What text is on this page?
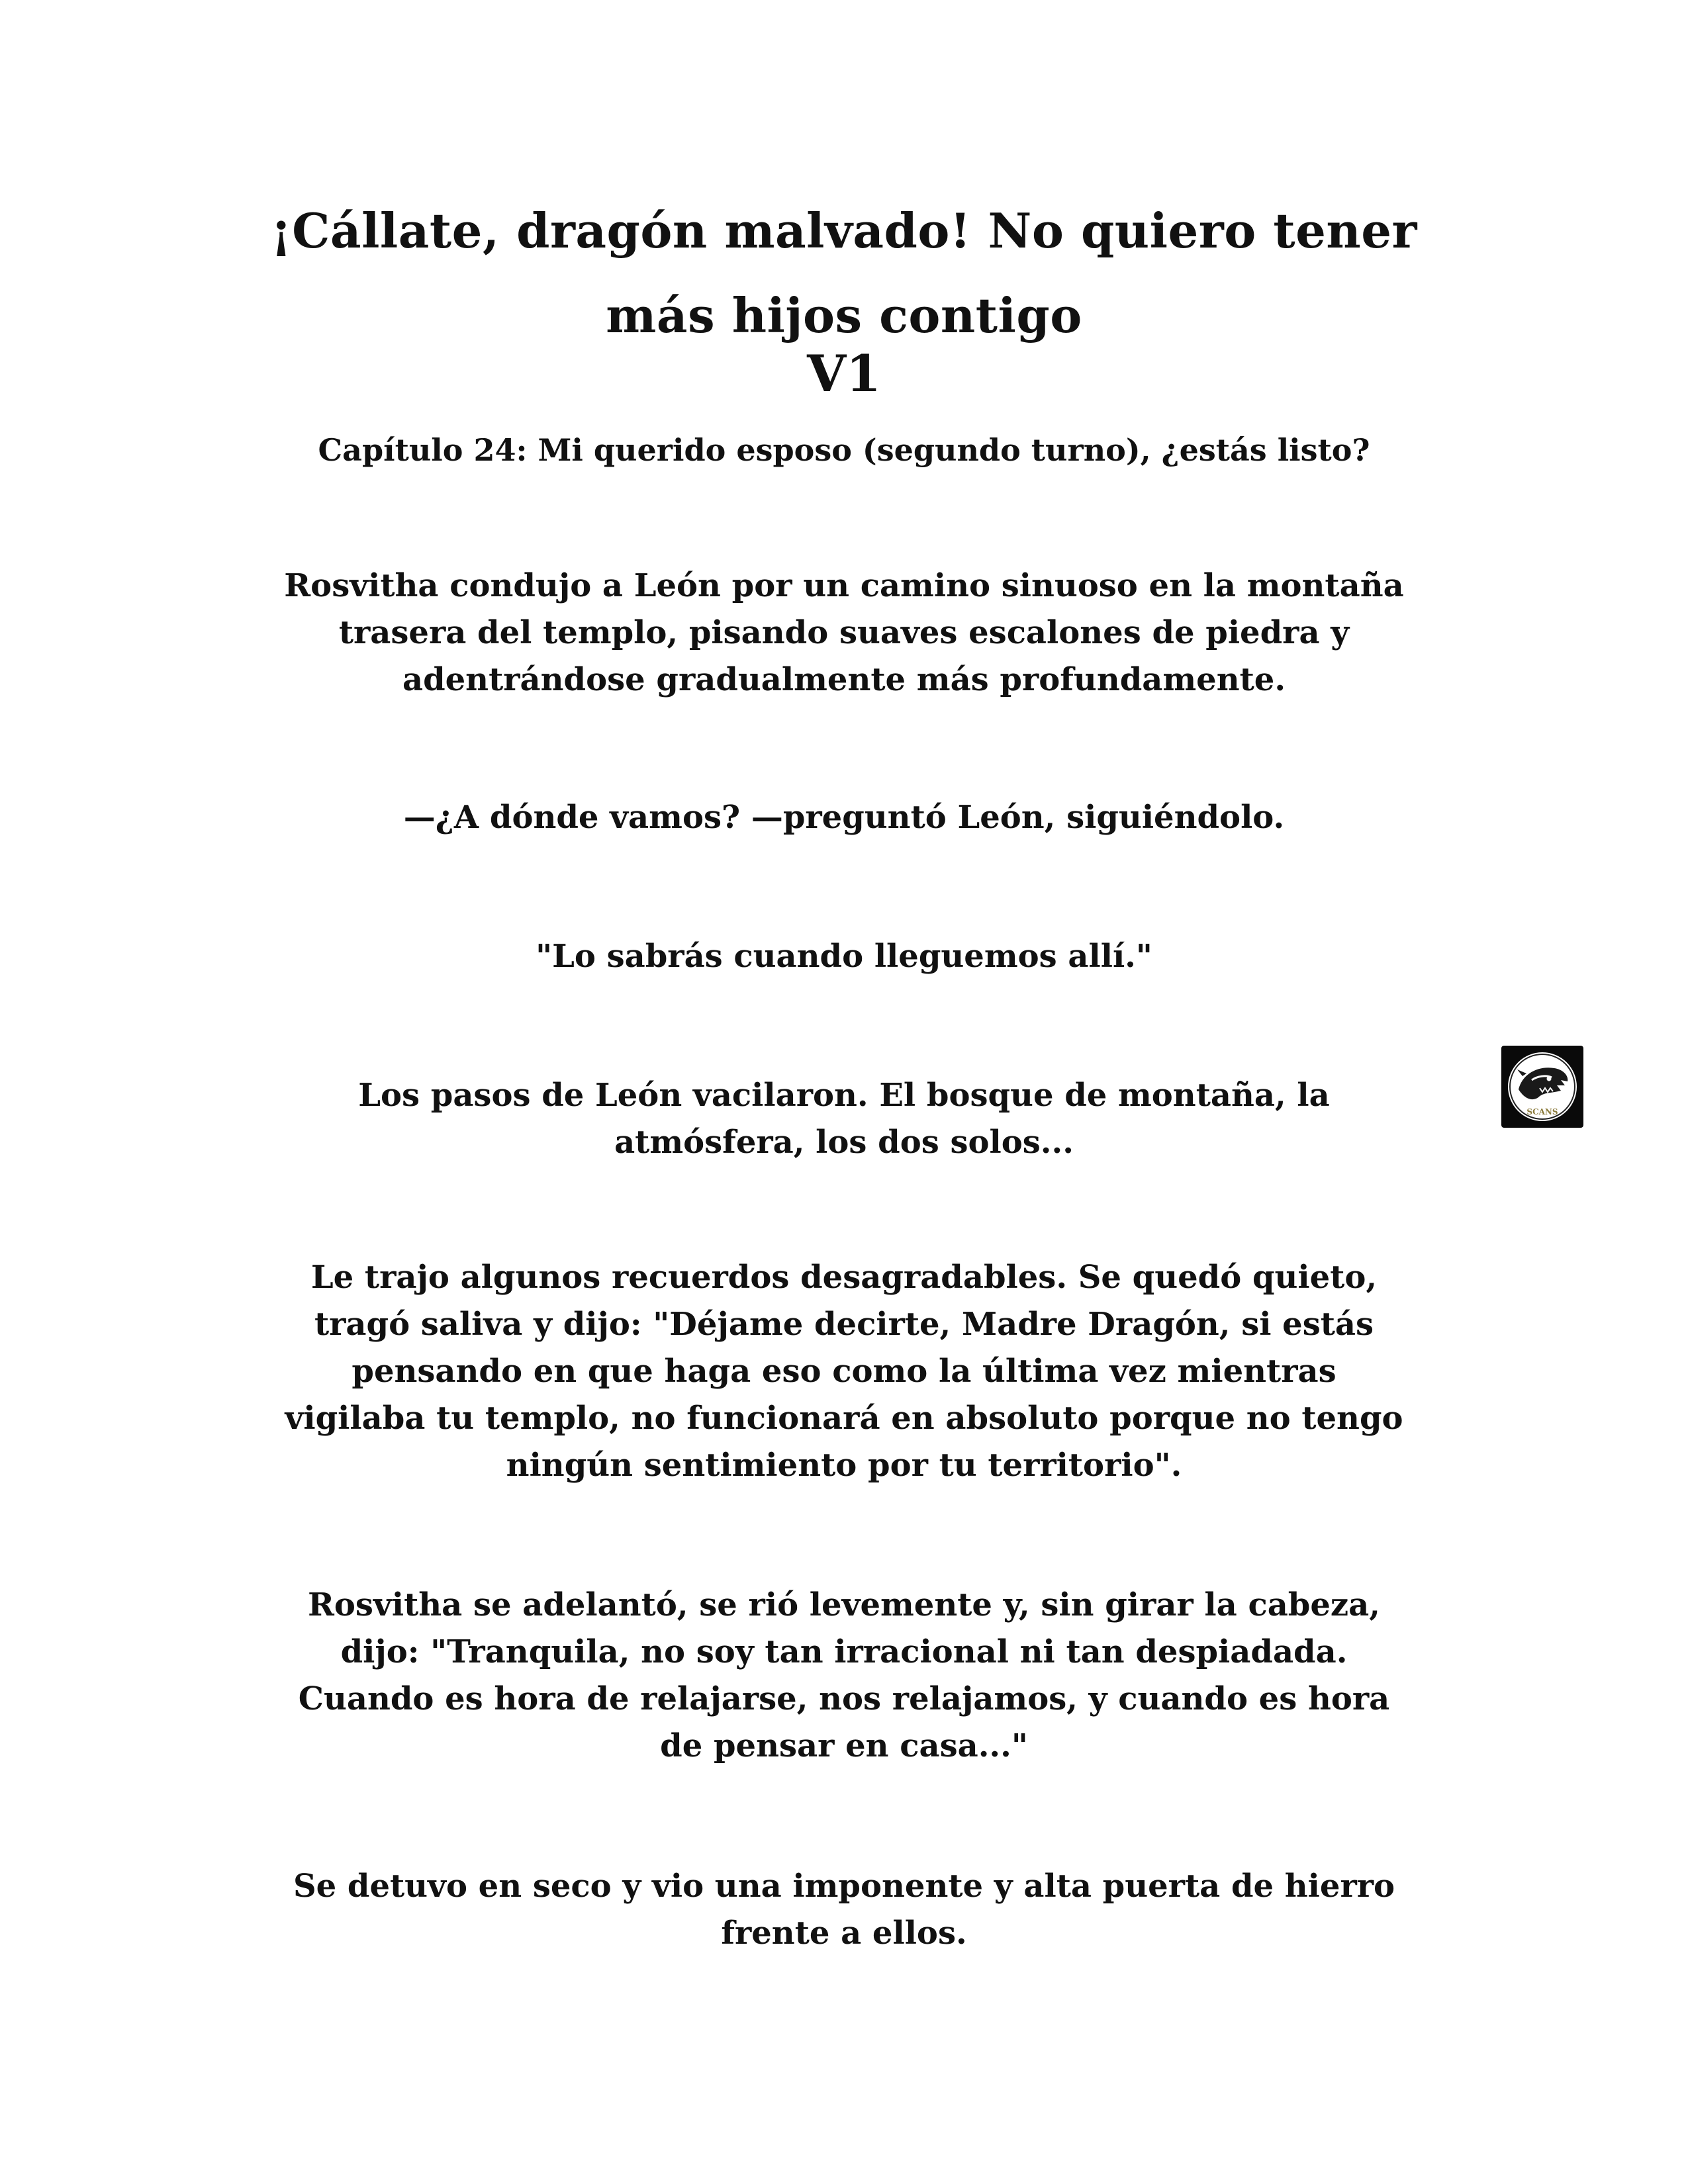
¡Cállate, dragón malvado! No quiero tener
más hijos contigo
V1
Capítulo 24: Mi querido esposo (segundo turno), ¿estás listo?
Rosvitha condujo a León por un camino sinuoso en la montaña
trasera del templo, pisando suaves escalones de piedra y
adentrándose gradualmente más profundamente.
—¿A dónde vamos? —preguntó León, siguiéndolo.
"Lo sabrás cuando lleguemos allí."
Los pasos de León vacilaron. El bosque de montaña, la
atmósfera, los dos solos...
Le trajo algunos recuerdos desagradables. Se quedó quieto,
tragó saliva y dijo: "Déjame decirte, Madre Dragón, si estás
pensando en que haga eso como la última vez mientras
vigilaba tu templo, no funcionará en absoluto porque no tengo
ningún sentimiento por tu territorio".
Rosvitha se adelantó, se rió levemente y, sin girar la cabeza,
dijo: "Tranquila, no soy tan irracional ni tan despiadada.
Cuando es hora de relajarse, nos relajamos, y cuando es hora
de pensar en casa..."
Se detuvo en seco y vio una imponente y alta puerta de hierro
frente a ellos.
SCANS
